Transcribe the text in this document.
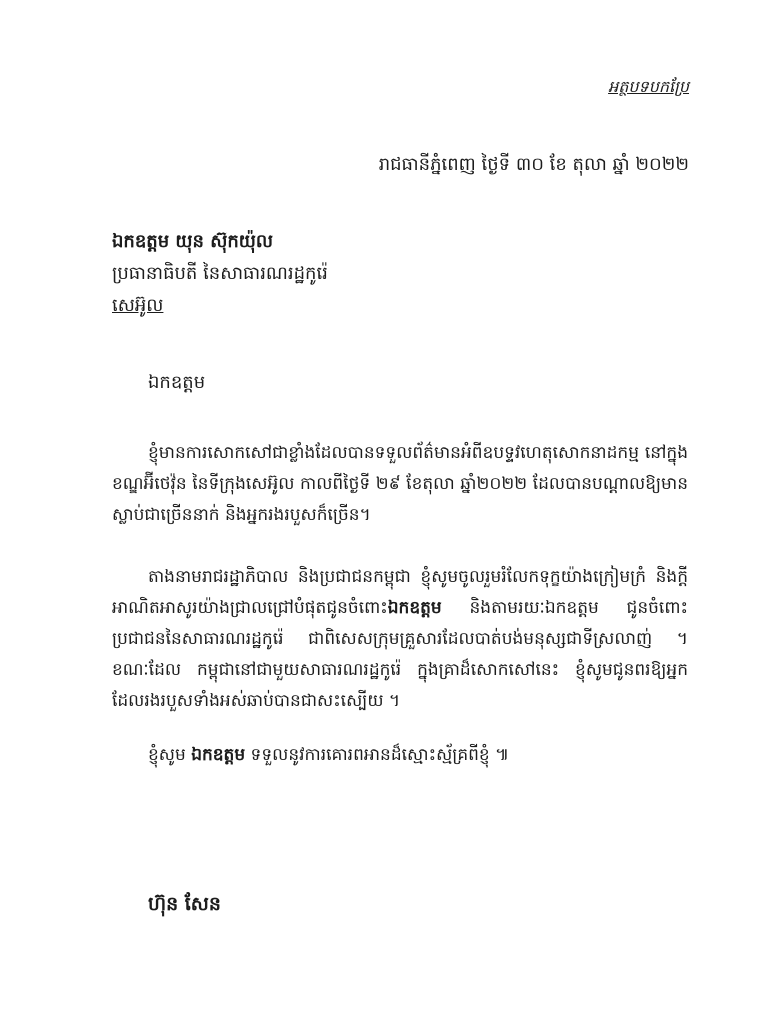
អត្ថបទបកប្រែ
រាជធានីភ្នំពេញ ថ្ងៃទី ៣០ ខែ តុលា ឆ្នាំ ២០២២
ឯកឧត្តម យុន ស៊ុកយ៉ុល
ប្រធានាធិបតី នៃសាធារណរដ្ឋកូរ៉េ
សេអ៊ូល
ឯកឧត្តម

ខ្ញុំមានការសោកសៅជាខ្លាំងដែលបានទទួលព័ត៌មានអំពីឧបទ្ទវហេតុសោកនាដកម្ម នៅក្នុងខណ្ឌអ៊ីថេវ៉ុន នៃទីក្រុងសេអ៊ូល កាលពីថ្ងៃទី ២៩ ខែតុលា ឆ្នាំ២០២២ ដែលបានបណ្តាលឱ្យមានស្លាប់ជាច្រើននាក់ និងអ្នករងរបួសក៏ច្រើន។

តាងនាមរាជរដ្ឋាភិបាល និងប្រជាជនកម្ពុជា ខ្ញុំសូមចូលរួមរំលែកទុក្ខយ៉ាងក្រៀមក្រំ និងក្តីអាណិតអាសូរយ៉ាងជ្រាលជ្រៅបំផុតជូនចំពោះឯកឧត្តម និងតាមរយៈឯកឧត្តម ជូនចំពោះប្រជាជននៃសាធារណរដ្ឋកូរ៉េ ជាពិសេសក្រុមគ្រួសារដែលបាត់បង់មនុស្សជាទីស្រលាញ់ ។ ខណៈដែល កម្ពុជានៅជាមួយសាធារណរដ្ឋកូរ៉េ ក្នុងគ្រាដ៏សោកសៅនេះ ខ្ញុំសូមជូនពរឱ្យអ្នកដែលរងរបួសទាំងអស់ឆាប់បានជាសះស្បើយ ។

ខ្ញុំសូម ឯកឧត្តម ទទួលនូវការគោរពអានដ៏ស្មោះស្ម័គ្រពីខ្ញុំ ៕

ហ៊ុន សែន
